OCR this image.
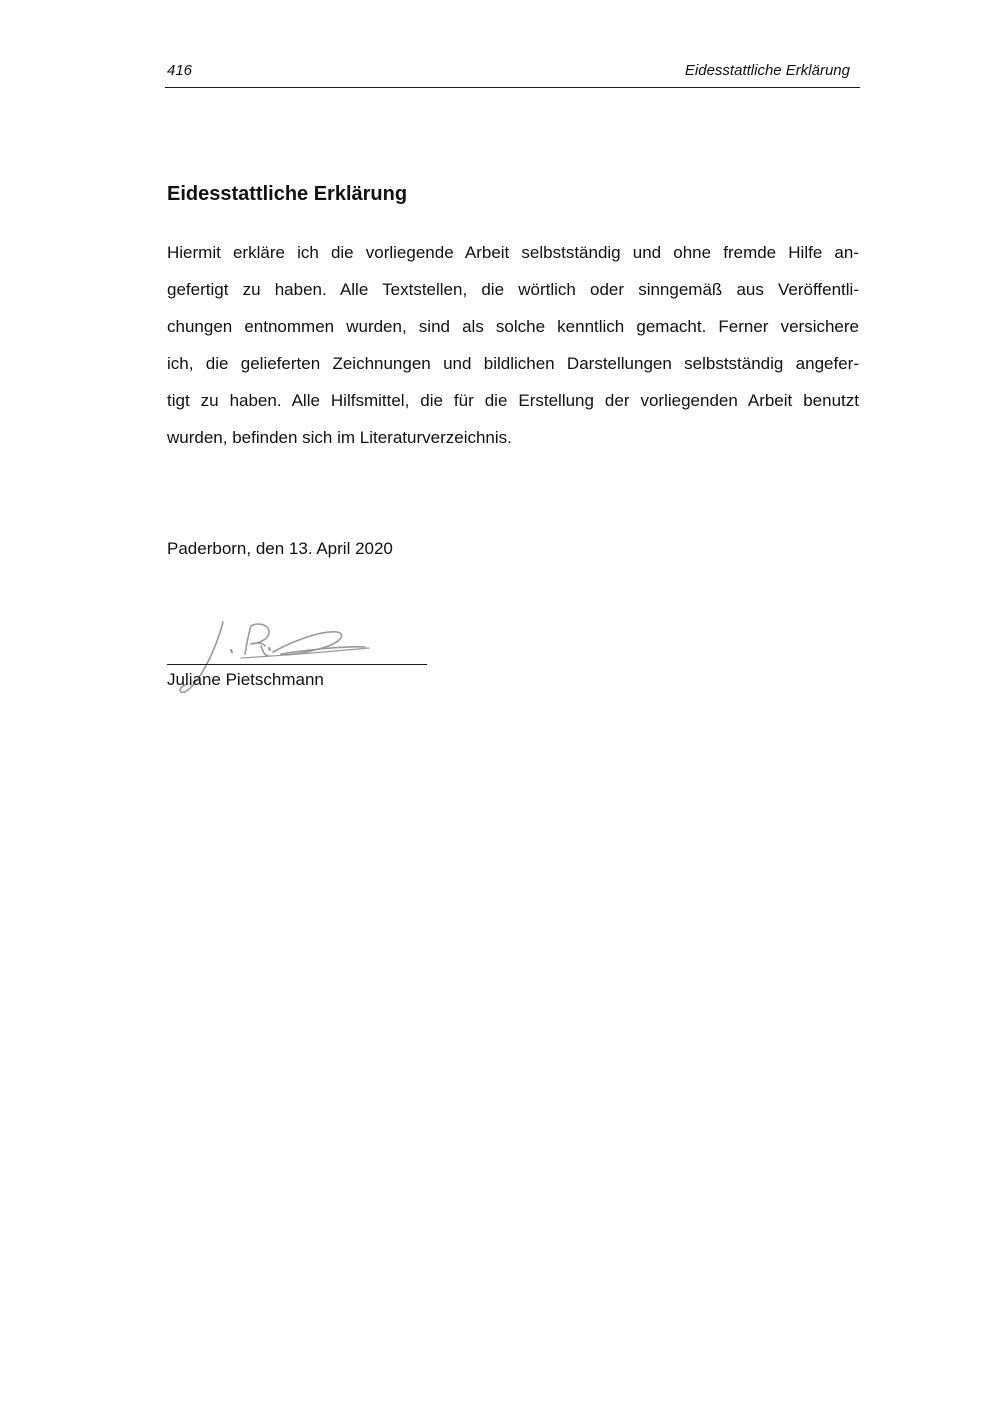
416	Eidesstattliche Erklärung
Eidesstattliche Erklärung

Hiermit erkläre ich die vorliegende Arbeit selbstständig und ohne fremde Hilfe an-
gefertigt zu haben. Alle Textstellen, die wörtlich oder sinngemäß aus Veröffentli-
chungen entnommen wurden, sind als solche kenntlich gemacht. Ferner versichere
ich, die gelieferten Zeichnungen und bildlichen Darstellungen selbstständig angefer-
tigt zu haben. Alle Hilfsmittel, die für die Erstellung der vorliegenden Arbeit benutzt
wurden, befinden sich im Literaturverzeichnis.

Paderborn, den 13. April 2020
Juliane Pietschmann
